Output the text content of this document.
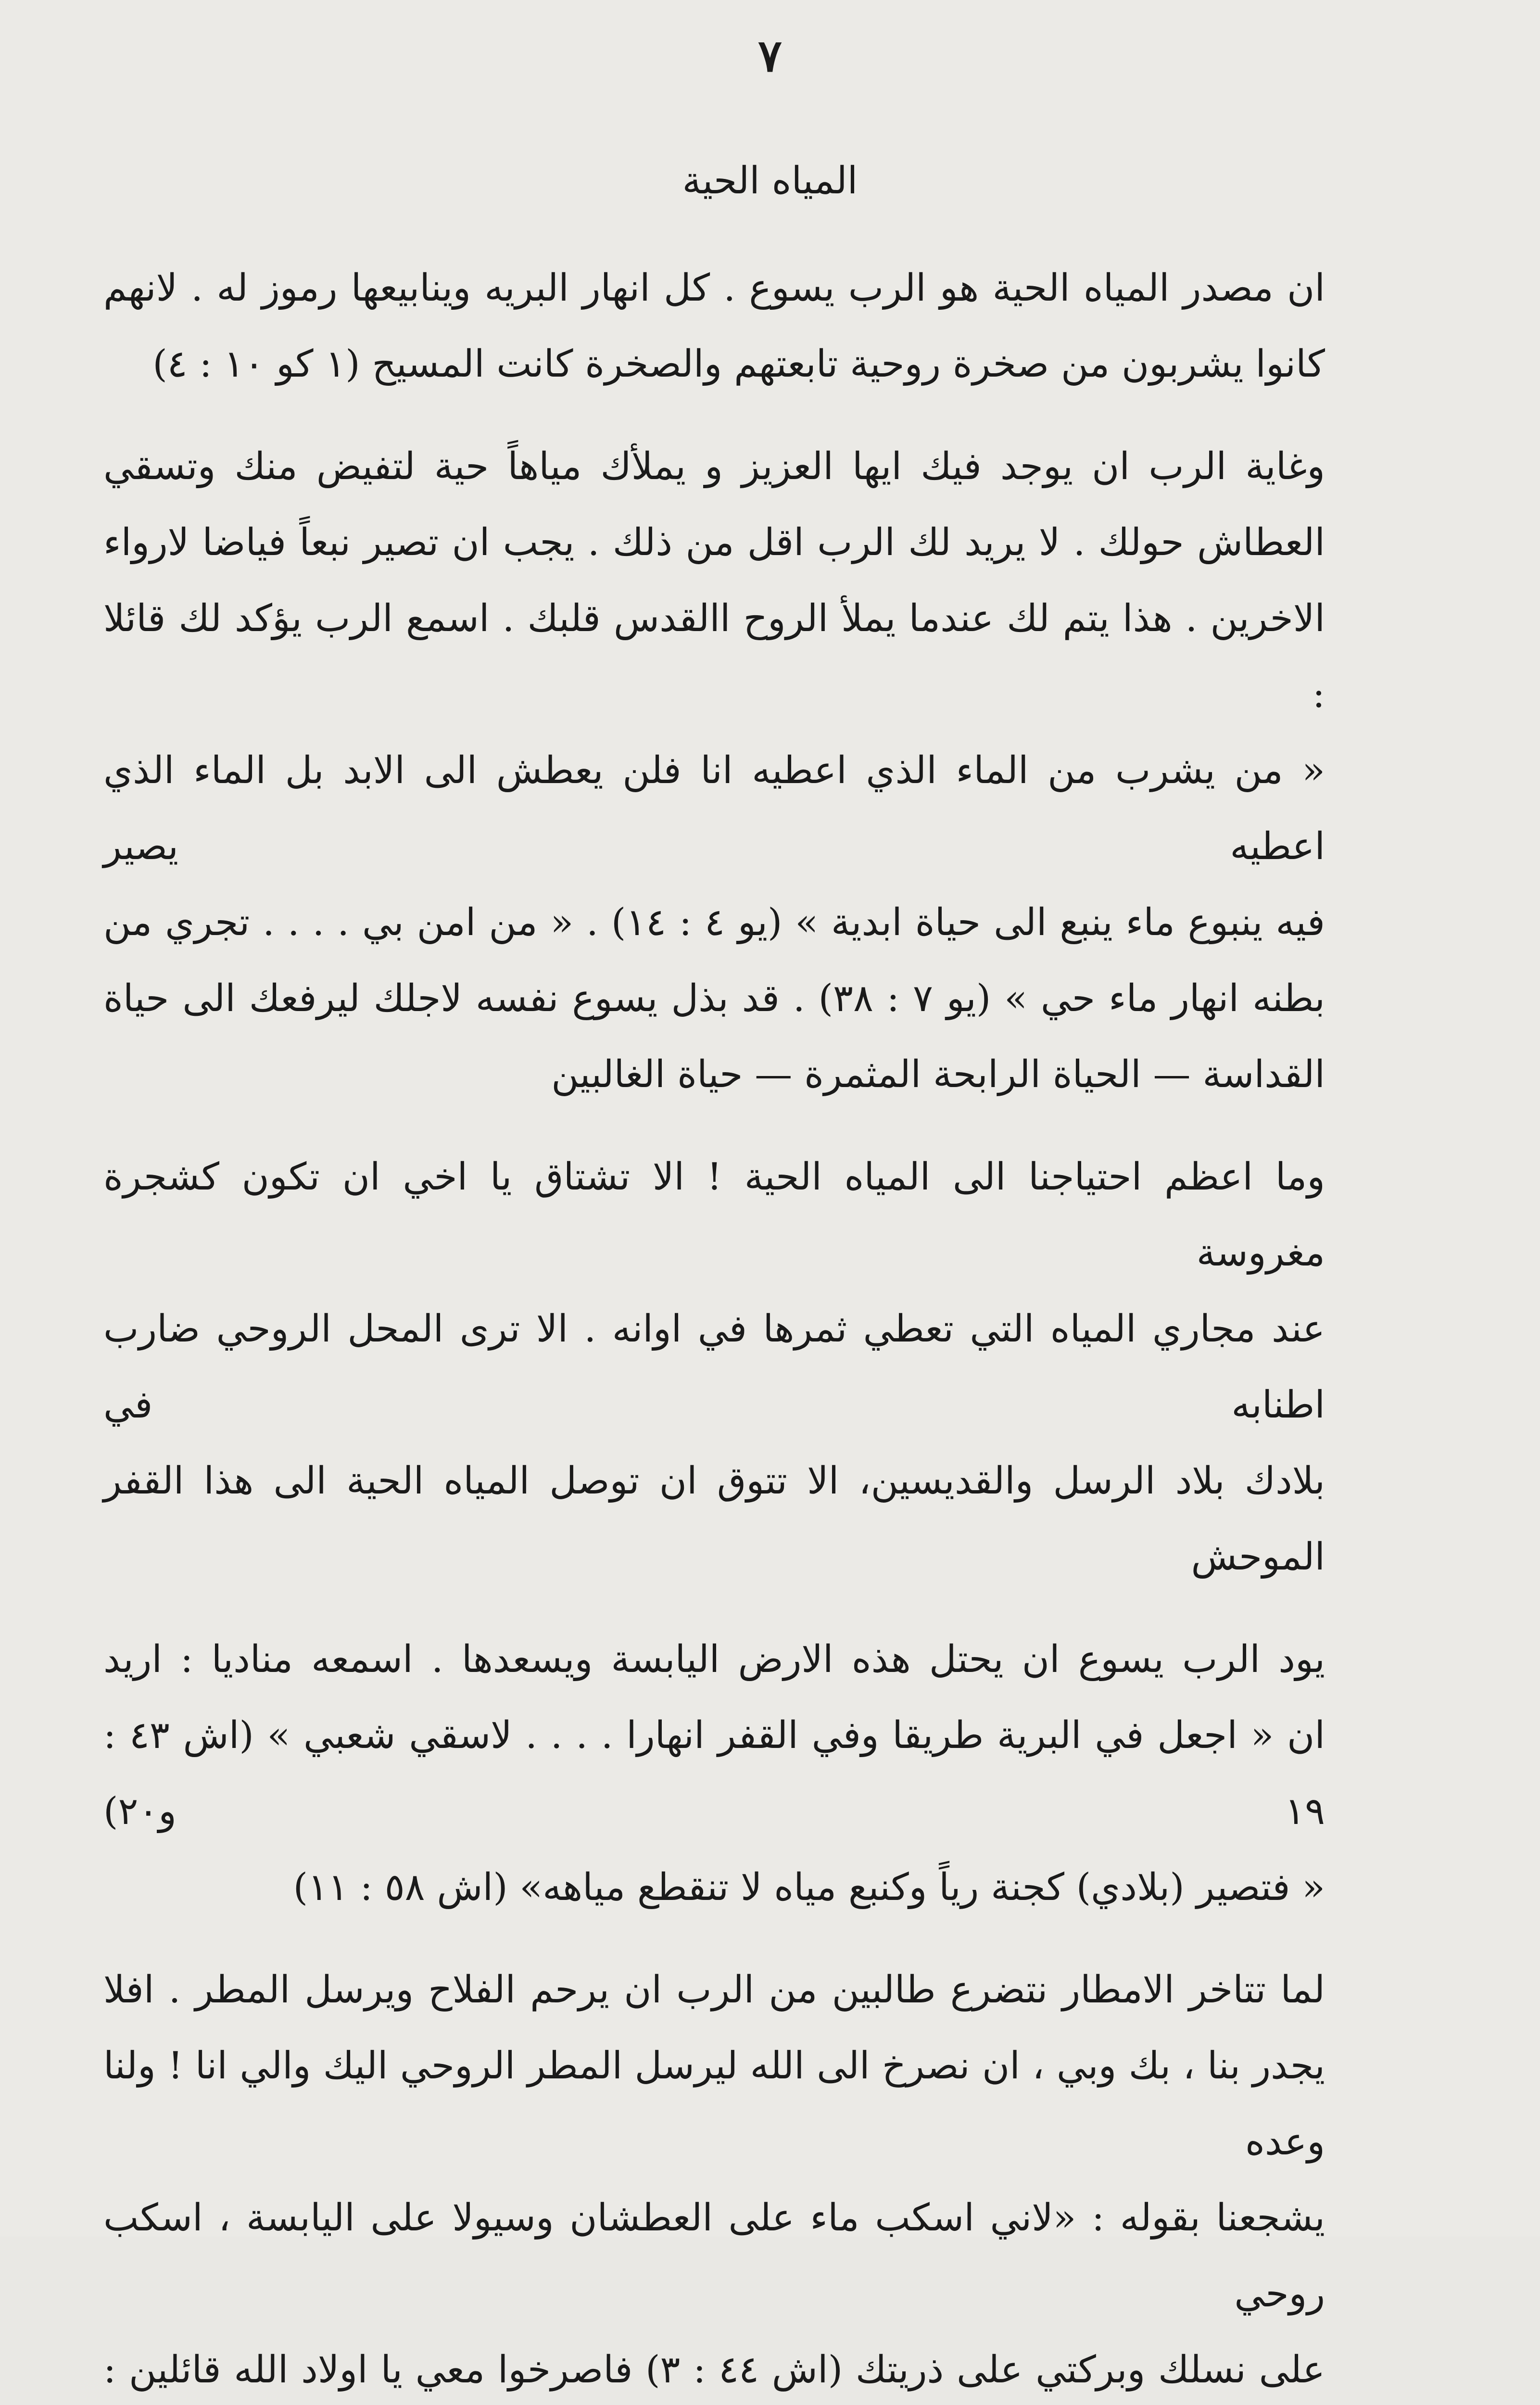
٧
المياه الحية
ان مصدر المياه الحية هو الرب يسوع . كل انهار البريه وينابيعها رموز له . لانهم
كانوا يشربون من صخرة روحية تابعتهم والصخرة كانت المسيح (١ كو ١٠ : ٤)
وغاية الرب ان يوجد فيك ايها العزيز و يملأك مياهاً حية لتفيض منك وتسقي
العطاش حولك . لا يريد لك الرب اقل من ذلك . يجب ان تصير نبعاً فياضا لارواء
الاخرين . هذا يتم لك عندما يملأ الروح االقدس قلبك . اسمع الرب يؤكد لك قائلا :
« من يشرب من الماء الذي اعطيه انا فلن يعطش الى الابد بل الماء الذي اعطيه يصير
فيه ينبوع ماء ينبع الى حياة ابدية » (يو ٤ : ١٤) . « من امن بي . . . . تجري من
بطنه انهار ماء حي » (يو ٧ : ٣٨) . قد بذل يسوع نفسه لاجلك ليرفعك الى حياة
القداسة — الحياة الرابحة المثمرة — حياة الغالبين
وما اعظم احتياجنا الى المياه الحية ! الا تشتاق يا اخي ان تكون كشجرة مغروسة
عند مجاري المياه التي تعطي ثمرها في اوانه . الا ترى المحل الروحي ضارب اطنابه في
بلادك بلاد الرسل والقديسين، الا تتوق ان توصل المياه الحية الى هذا القفر الموحش
يود الرب يسوع ان يحتل هذه الارض اليابسة ويسعدها . اسمعه مناديا : اريد
ان « اجعل في البرية طريقا وفي القفر انهارا . . . . لاسقي شعبي » (اش ٤٣ : ١٩ و٢٠)
« فتصير (بلادي) كجنة رياً وكنبع مياه لا تنقطع مياهه» (اش ٥٨ : ١١)
لما تتاخر الامطار نتضرع طالبين من الرب ان يرحم الفلاح ويرسل المطر . افلا
يجدر بنا ، بك وبي ، ان نصرخ الى الله ليرسل المطر الروحي اليك والي انا ! ولنا وعده
يشجعنا بقوله : «لاني اسكب ماء على العطشان وسيولا على اليابسة ، اسكب روحي
على نسلك وبركتي على ذريتك (اش ٤٤ : ٣) فاصرخوا معي يا اولاد الله قائلين :
